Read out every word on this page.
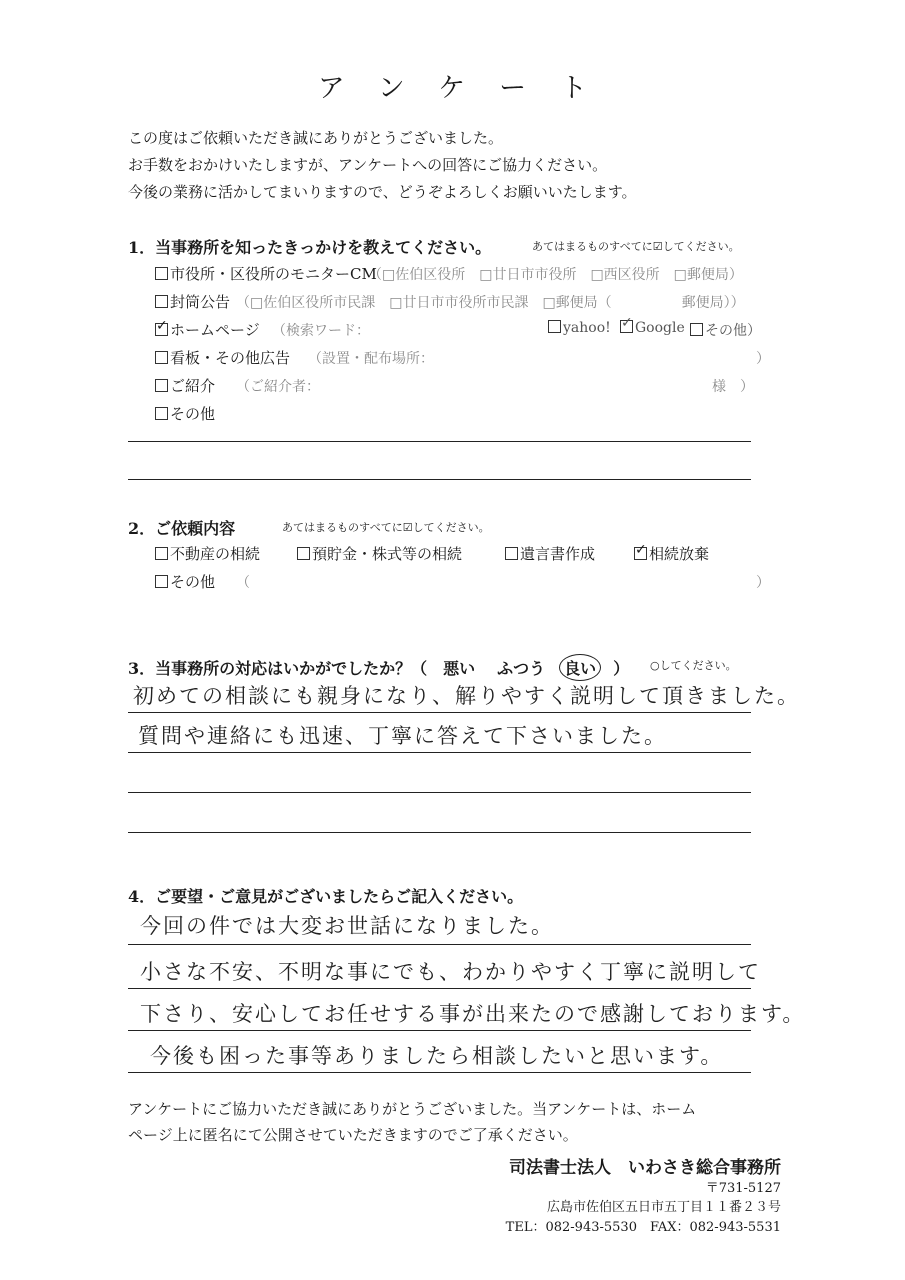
アンケート
この度はご依頼いただき誠にありがとうございました。
お手数をおかけいたしますが、アンケートへの回答にご協力ください。
今後の業務に活かしてまいりますので、どうぞよろしくお願いいたします。
1．当事務所を知ったきっかけを教えてください。	あてはまるものすべてに☑してください。
市役所・区役所のモニターCM
（□佐伯区役所　□廿日市市役所　□西区役所　□郵便局）
封筒公告 （□佐伯区役所市民課　□廿日市市役所市民課　□郵便局（　　　　　郵便局））
✓ホームページ （検索ワード：	yahoo! ✓	Google	その他）
看板・その他広告 （設置・配布場所：	）
ご紹介 （ご紹介者：	様　）
その他
2．ご依頼内容	あてはまるものすべてに☑してください。
不動産の相続	預貯金・株式等の相続	遺言書作成 ✓	相続放棄
その他 （	）
3．当事務所の対応はいかがでしたか？（ 悪い ふつう 良い ） ○してください。
初めての相談にも親身になり、解りやすく説明して頂きました。
質問や連絡にも迅速、丁寧に答えて下さいました。
4．ご要望・ご意見がございましたらご記入ください。
今回の件では大変お世話になりました。
小さな不安、不明な事にでも、わかりやすく丁寧に説明して
下さり、安心してお任せする事が出来たので感謝しております。
今後も困った事等ありましたら相談したいと思います。
アンケートにご協力いただき誠にありがとうございました。当アンケートは、ホーム
ページ上に匿名にて公開させていただきますのでご了承ください。
司法書士法人　いわさき総合事務所
〒731-5127
広島市佐伯区五日市五丁目１１番２３号
TEL：082-943-5530　FAX：082-943-5531
